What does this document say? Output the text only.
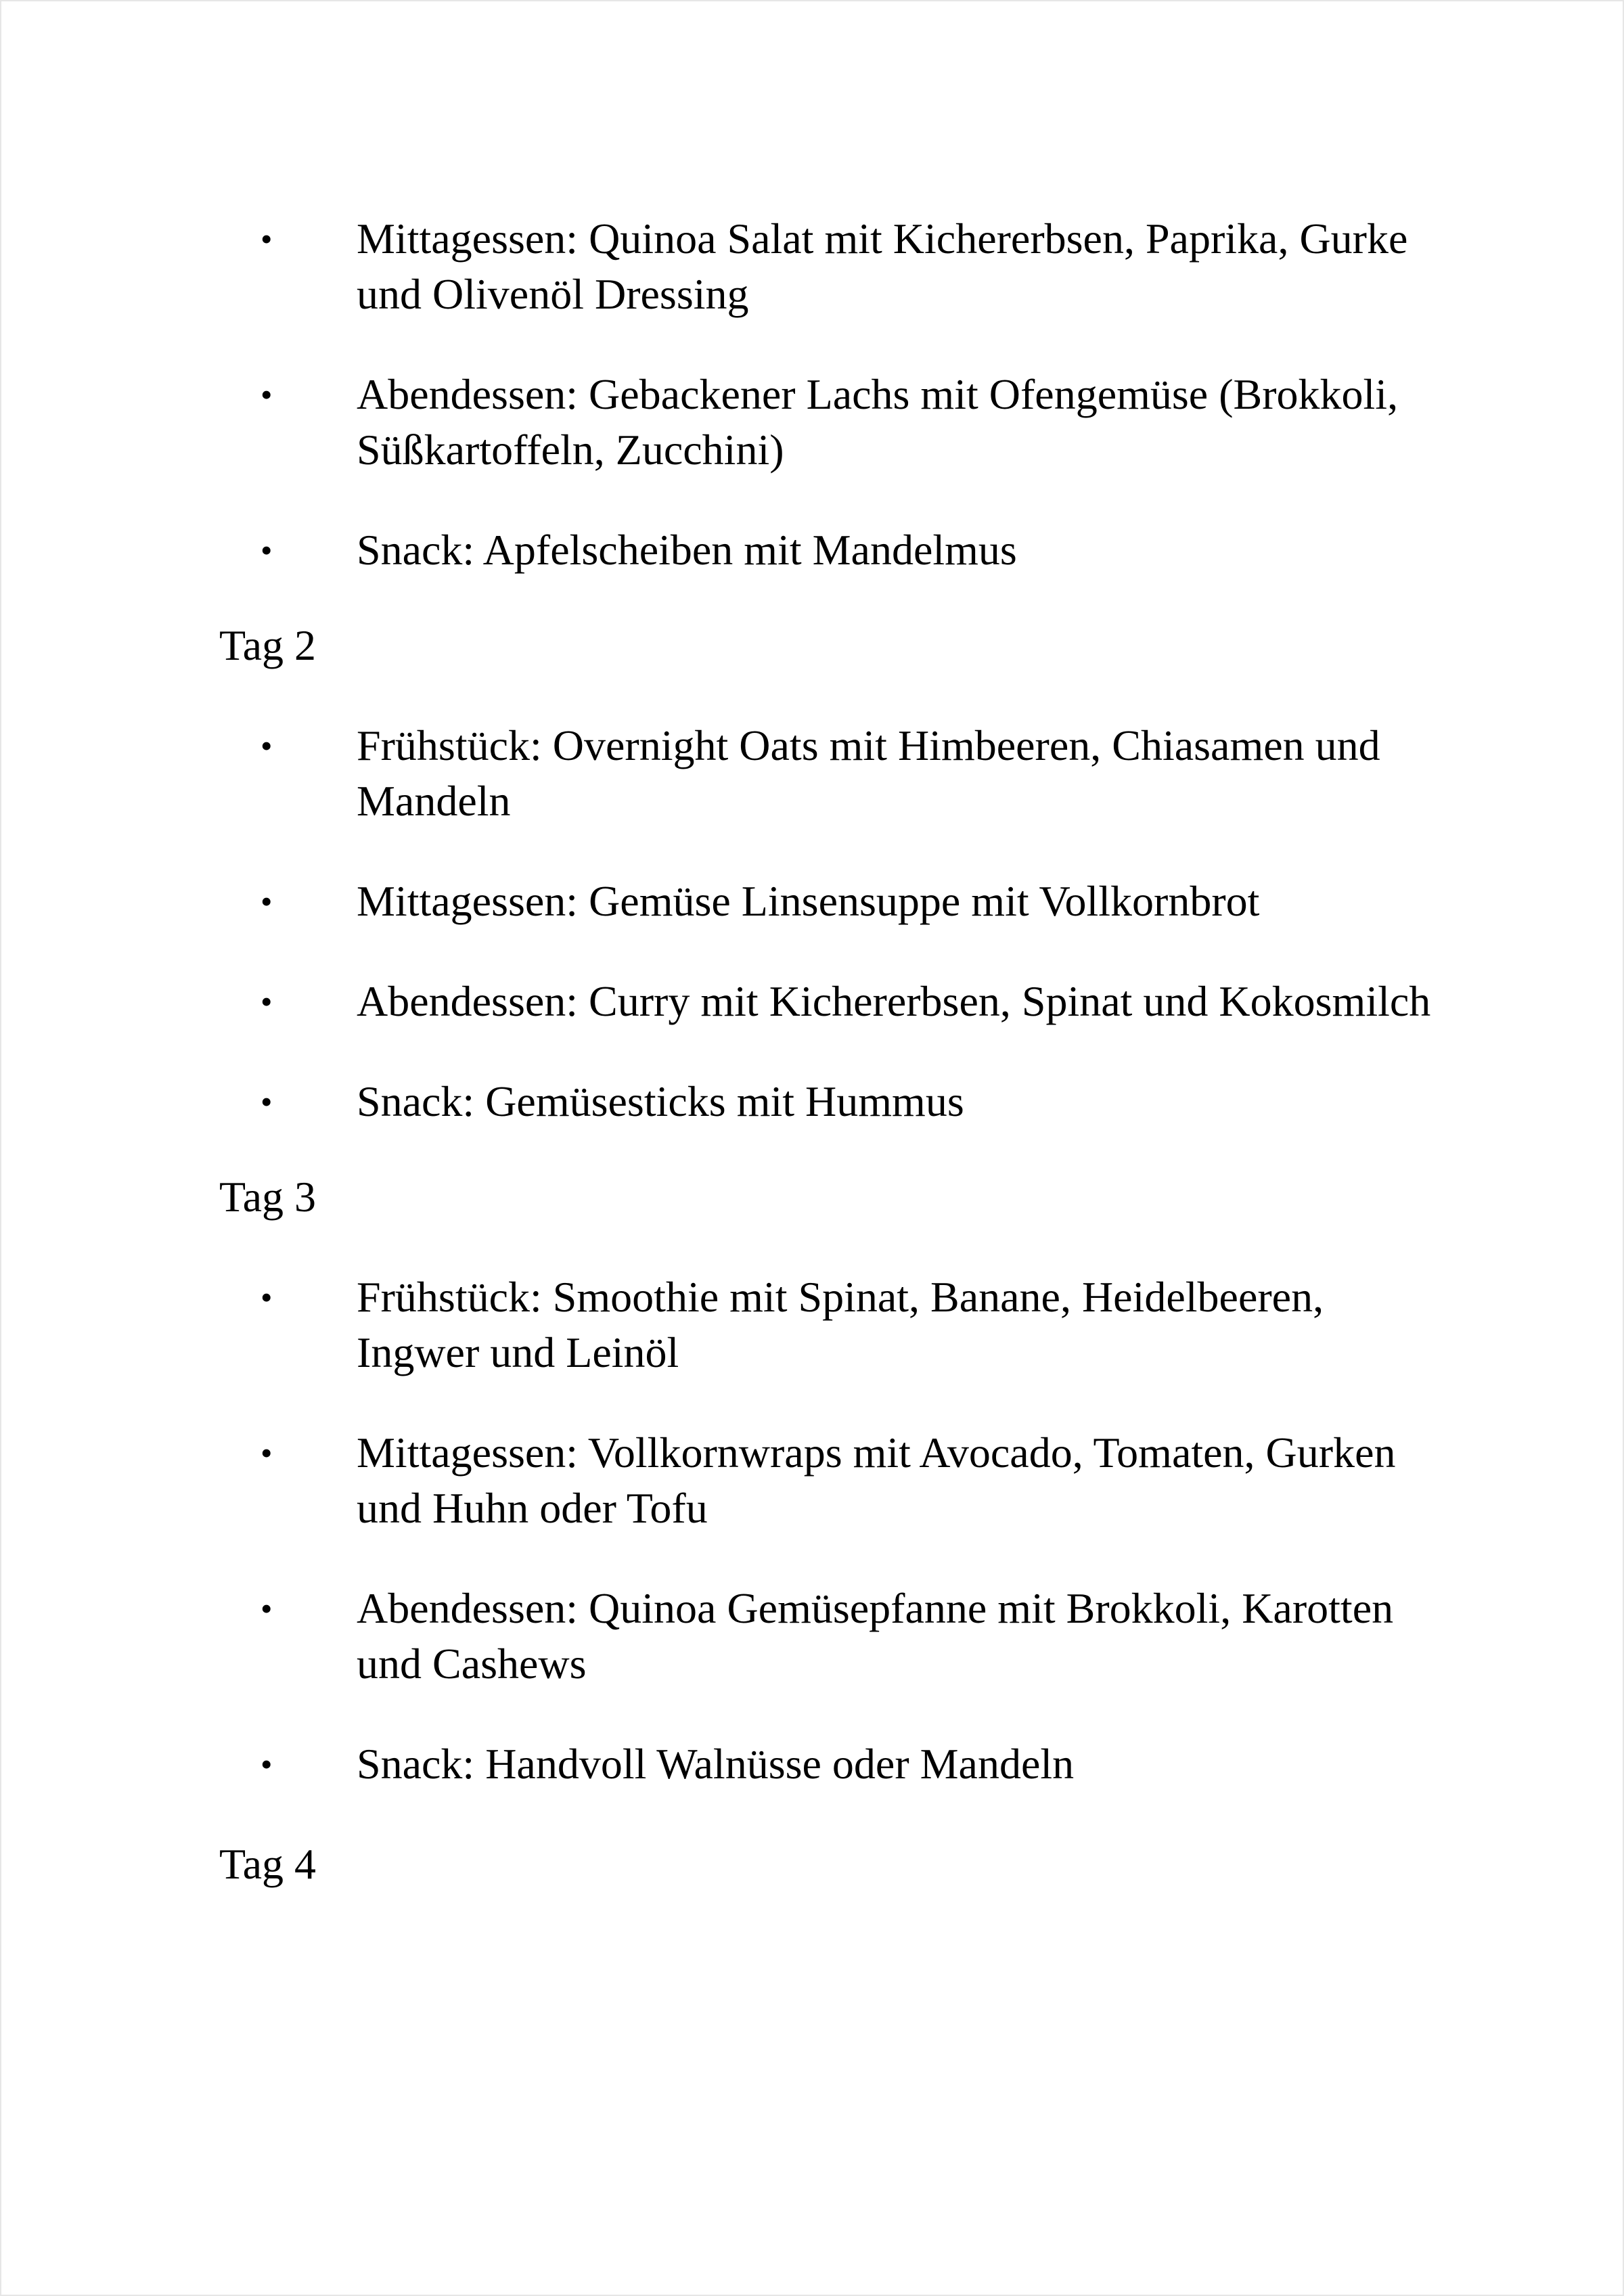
• Mittagessen: Quinoa Salat mit Kichererbsen, Paprika, Gurke und Olivenöl Dressing
• Abendessen: Gebackener Lachs mit Ofengemüse (Brokkoli, Süßkartoffeln, Zucchini)
• Snack: Apfelscheiben mit Mandelmus
Tag 2
• Frühstück: Overnight Oats mit Himbeeren, Chiasamen und Mandeln
• Mittagessen: Gemüse Linsensuppe mit Vollkornbrot
• Abendessen: Curry mit Kichererbsen, Spinat und Kokosmilch
• Snack: Gemüsesticks mit Hummus
Tag 3
• Frühstück: Smoothie mit Spinat, Banane, Heidelbeeren, Ingwer und Leinöl
• Mittagessen: Vollkornwraps mit Avocado, Tomaten, Gurken und Huhn oder Tofu
• Abendessen: Quinoa Gemüsepfanne mit Brokkoli, Karotten und Cashews
• Snack: Handvoll Walnüsse oder Mandeln
Tag 4
